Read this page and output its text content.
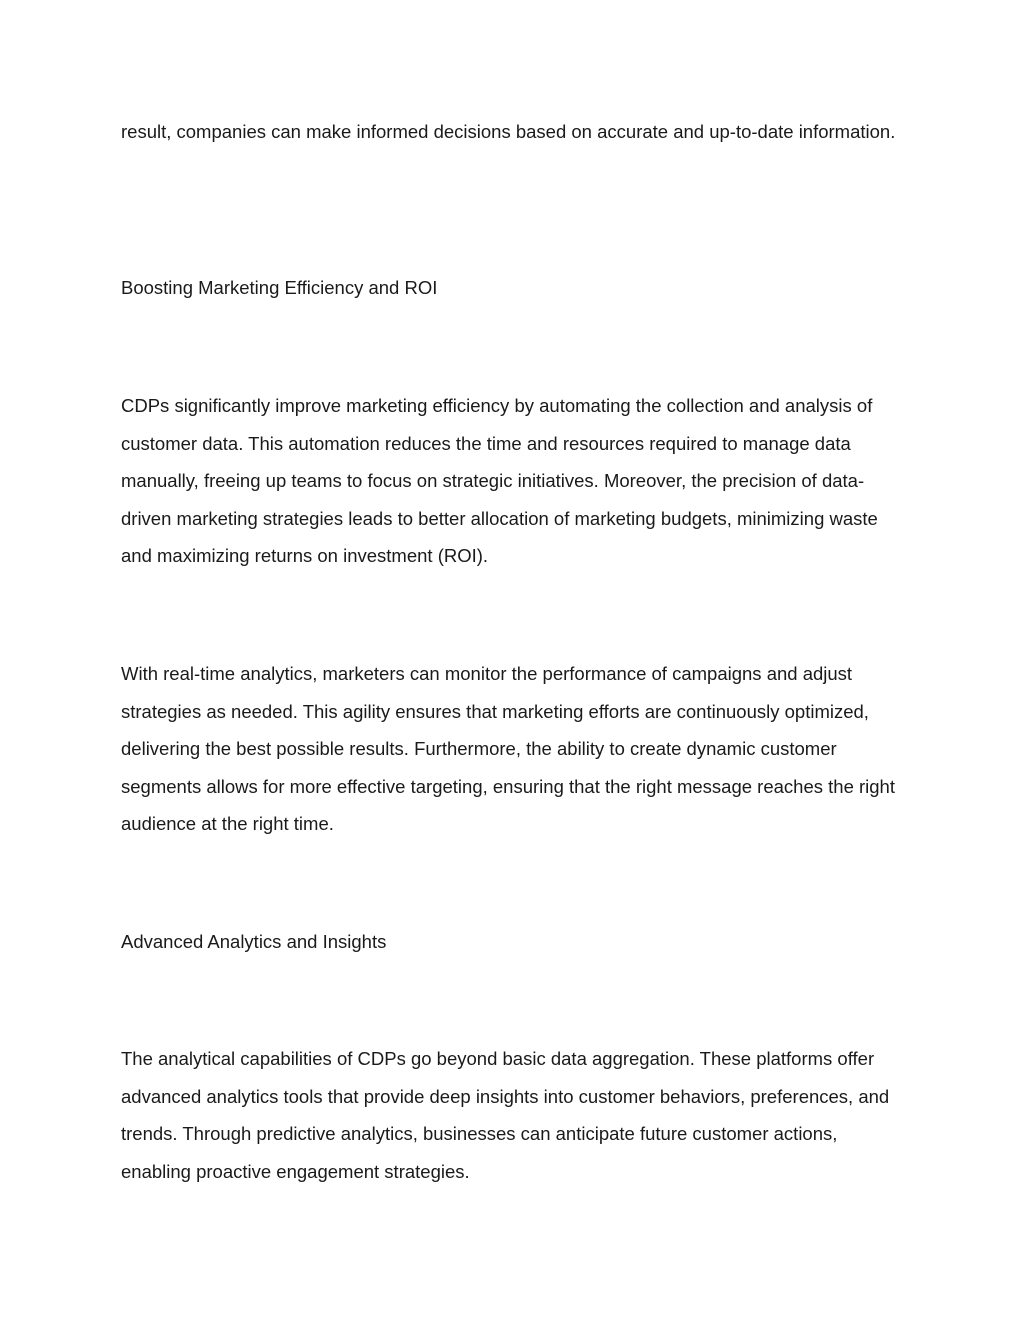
result, companies can make informed decisions based on accurate and up-to-date information.

Boosting Marketing Efficiency and ROI

CDPs significantly improve marketing efficiency by automating the collection and analysis of customer data. This automation reduces the time and resources required to manage data manually, freeing up teams to focus on strategic initiatives. Moreover, the precision of data-driven marketing strategies leads to better allocation of marketing budgets, minimizing waste and maximizing returns on investment (ROI).

With real-time analytics, marketers can monitor the performance of campaigns and adjust strategies as needed. This agility ensures that marketing efforts are continuously optimized, delivering the best possible results. Furthermore, the ability to create dynamic customer segments allows for more effective targeting, ensuring that the right message reaches the right audience at the right time.

Advanced Analytics and Insights

The analytical capabilities of CDPs go beyond basic data aggregation. These platforms offer advanced analytics tools that provide deep insights into customer behaviors, preferences, and trends. Through predictive analytics, businesses can anticipate future customer actions, enabling proactive engagement strategies.
